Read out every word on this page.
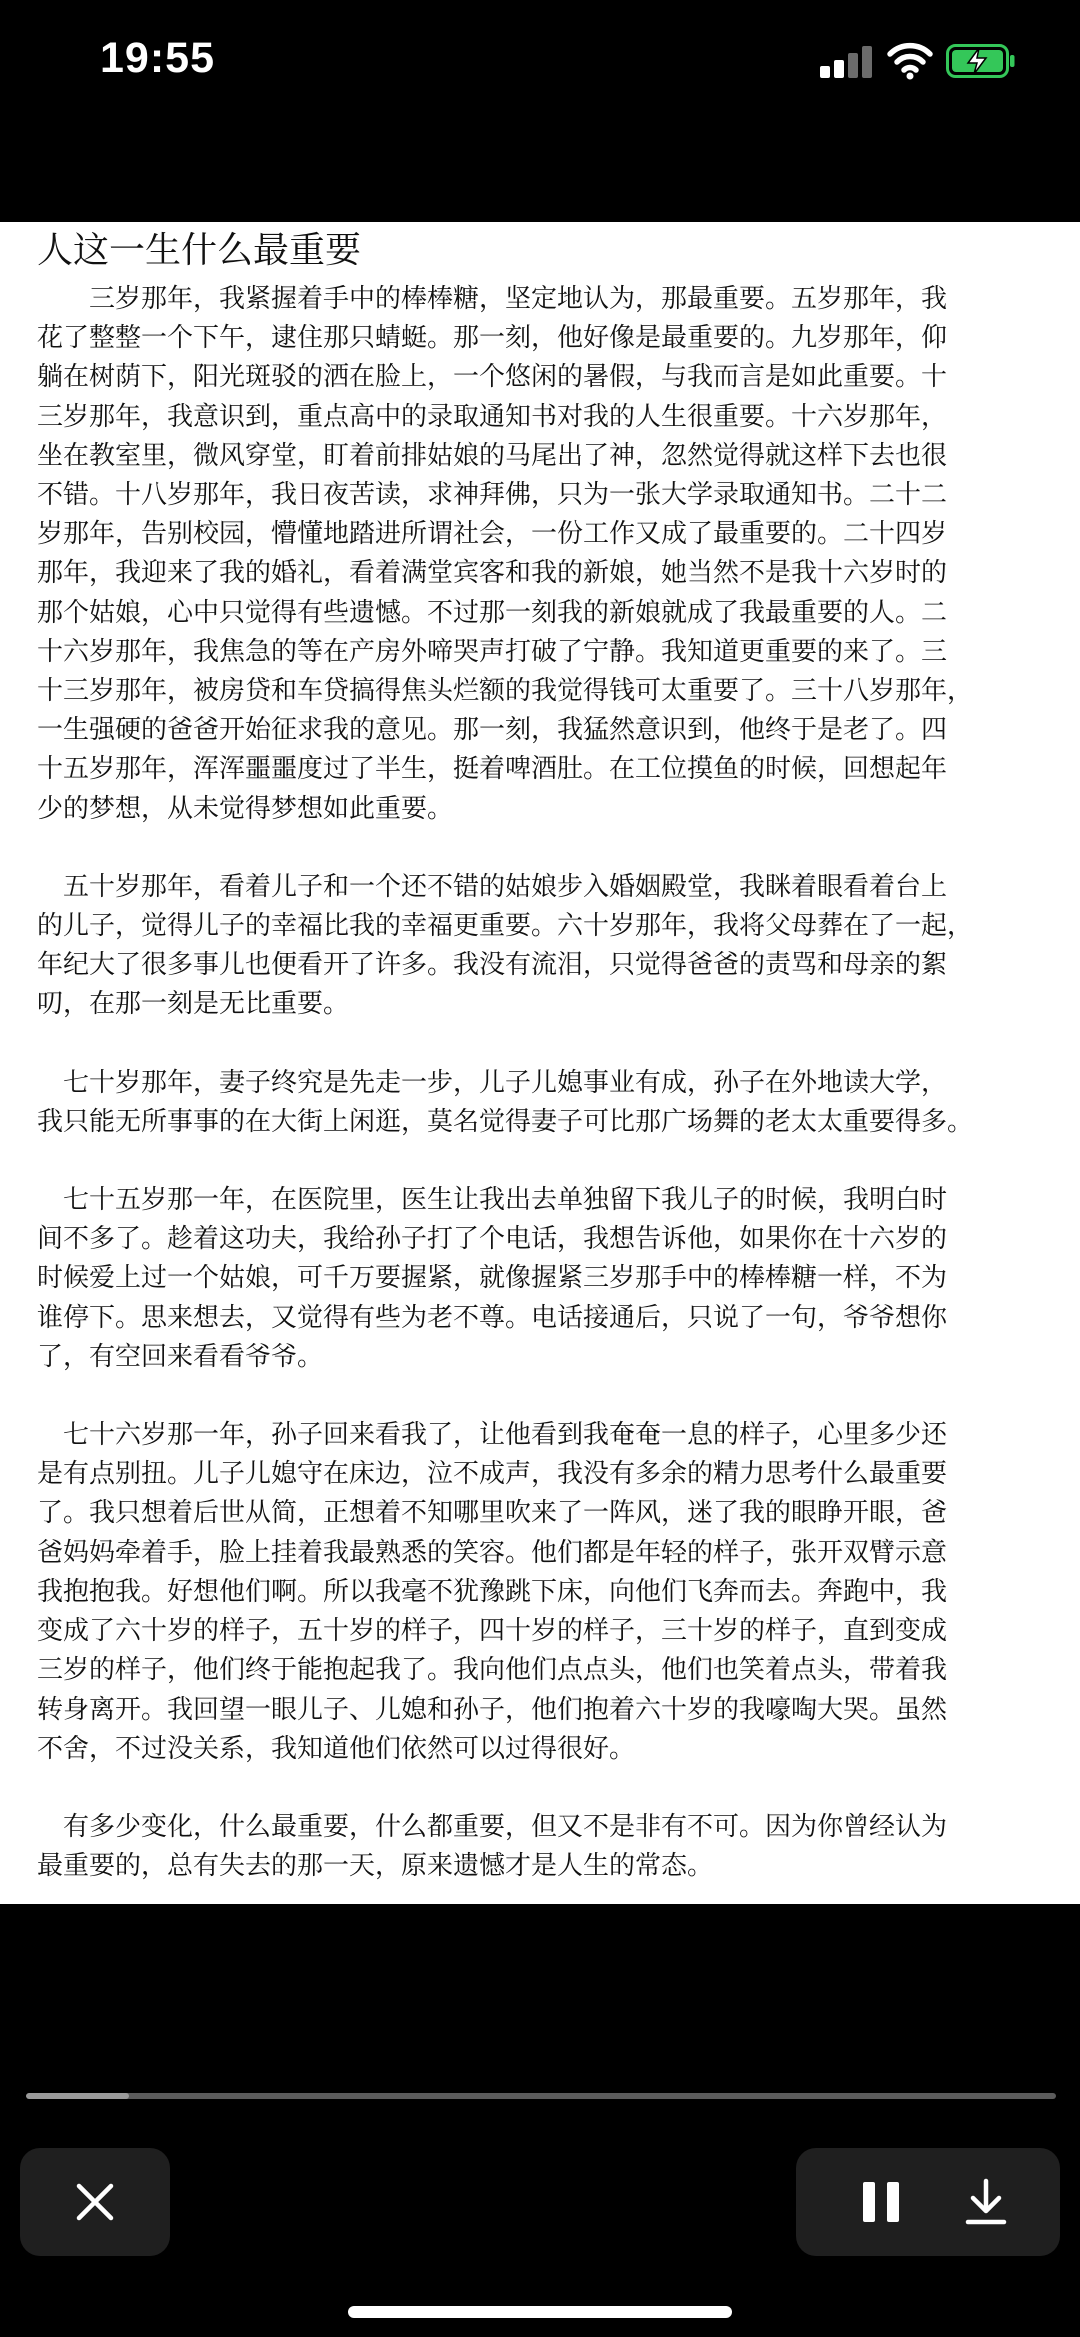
19:55
人这一生什么最重要
　　三岁那年，我紧握着手中的棒棒糖，坚定地认为，那最重要。五岁那年，我
花了整整一个下午，逮住那只蜻蜓。那一刻，他好像是最重要的。九岁那年，仰
躺在树荫下，阳光斑驳的洒在脸上，一个悠闲的暑假，与我而言是如此重要。十
三岁那年，我意识到，重点高中的录取通知书对我的人生很重要。十六岁那年，
坐在教室里，微风穿堂，盯着前排姑娘的马尾出了神，忽然觉得就这样下去也很
不错。十八岁那年，我日夜苦读，求神拜佛，只为一张大学录取通知书。二十二
岁那年，告别校园，懵懂地踏进所谓社会，一份工作又成了最重要的。二十四岁
那年，我迎来了我的婚礼，看着满堂宾客和我的新娘，她当然不是我十六岁时的
那个姑娘，心中只觉得有些遗憾。不过那一刻我的新娘就成了我最重要的人。二
十六岁那年，我焦急的等在产房外啼哭声打破了宁静。我知道更重要的来了。三
十三岁那年，被房贷和车贷搞得焦头烂额的我觉得钱可太重要了。三十八岁那年，
一生强硬的爸爸开始征求我的意见。那一刻，我猛然意识到，他终于是老了。四
十五岁那年，浑浑噩噩度过了半生，挺着啤酒肚。在工位摸鱼的时候，回想起年
少的梦想，从未觉得梦想如此重要。
　五十岁那年，看着儿子和一个还不错的姑娘步入婚姻殿堂，我眯着眼看着台上
的儿子，觉得儿子的幸福比我的幸福更重要。六十岁那年，我将父母葬在了一起，
年纪大了很多事儿也便看开了许多。我没有流泪，只觉得爸爸的责骂和母亲的絮
叨，在那一刻是无比重要。
　七十岁那年，妻子终究是先走一步，儿子儿媳事业有成，孙子在外地读大学，
我只能无所事事的在大街上闲逛，莫名觉得妻子可比那广场舞的老太太重要得多。
　七十五岁那一年，在医院里，医生让我出去单独留下我儿子的时候，我明白时
间不多了。趁着这功夫，我给孙子打了个电话，我想告诉他，如果你在十六岁的
时候爱上过一个姑娘，可千万要握紧，就像握紧三岁那手中的棒棒糖一样，不为
谁停下。思来想去，又觉得有些为老不尊。电话接通后，只说了一句，爷爷想你
了，有空回来看看爷爷。
　七十六岁那一年，孙子回来看我了，让他看到我奄奄一息的样子，心里多少还
是有点别扭。儿子儿媳守在床边，泣不成声，我没有多余的精力思考什么最重要
了。我只想着后世从简，正想着不知哪里吹来了一阵风，迷了我的眼睁开眼，爸
爸妈妈牵着手，脸上挂着我最熟悉的笑容。他们都是年轻的样子，张开双臂示意
我抱抱我。好想他们啊。所以我毫不犹豫跳下床，向他们飞奔而去。奔跑中，我
变成了六十岁的样子，五十岁的样子，四十岁的样子，三十岁的样子，直到变成
三岁的样子，他们终于能抱起我了。我向他们点点头，他们也笑着点头，带着我
转身离开。我回望一眼儿子、儿媳和孙子，他们抱着六十岁的我嚎啕大哭。虽然
不舍，不过没关系，我知道他们依然可以过得很好。
　有多少变化，什么最重要，什么都重要，但又不是非有不可。因为你曾经认为
最重要的，总有失去的那一天，原来遗憾才是人生的常态。
